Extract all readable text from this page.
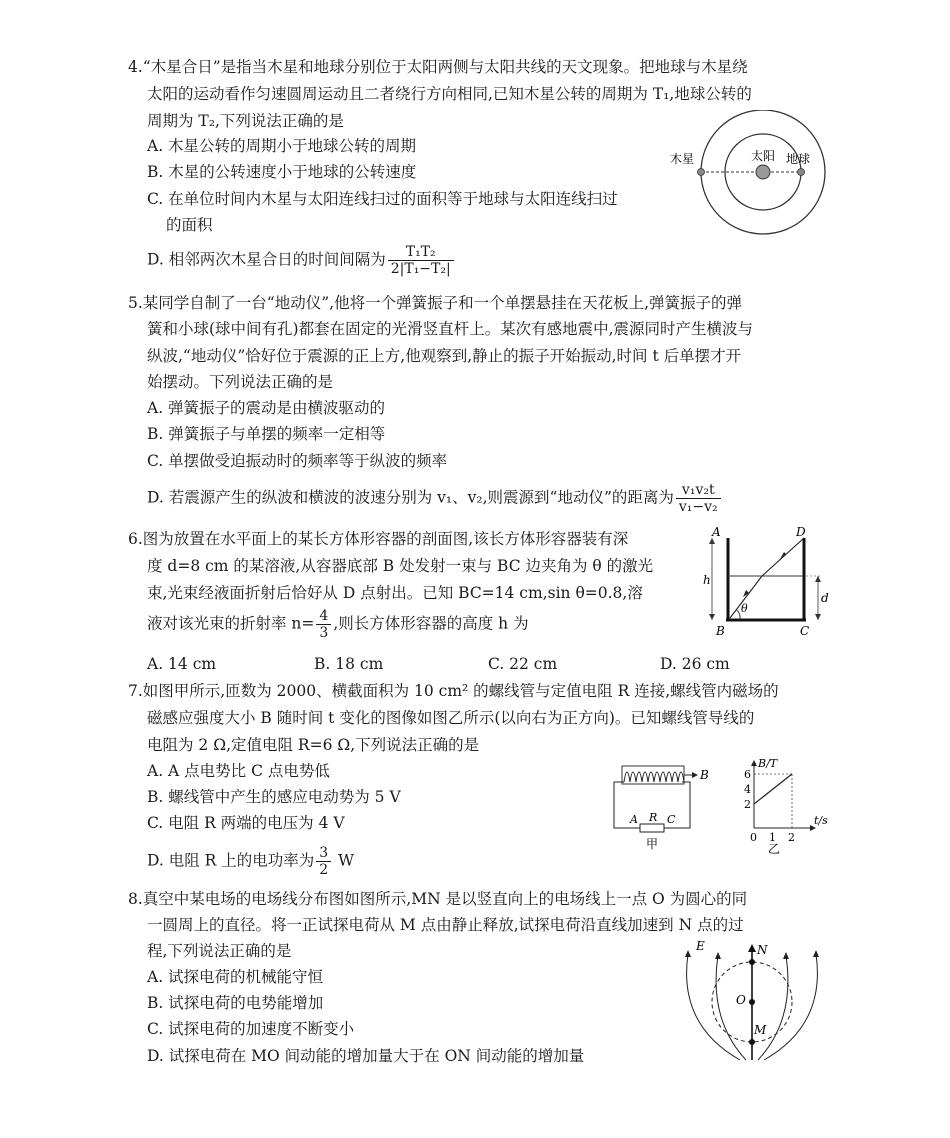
4.“木星合日”是指当木星和地球分别位于太阳两侧与太阳共线的天文现象。把地球与木星绕
太阳的运动看作匀速圆周运动且二者绕行方向相同,已知木星公转的周期为 T₁,地球公转的
周期为 T₂,下列说法正确的是
A. 木星公转的周期小于地球公转的周期
B. 木星的公转速度小于地球的公转速度
C. 在单位时间内木星与太阳连线扫过的面积等于地球与太阳连线扫过
的面积
D. 相邻两次木星合日的时间间隔为 $\frac{\text{T₁T₂}}{\text{2|T₁−T₂|}}$
木星	太阳 地球
5.某同学自制了一台“地动仪”,他将一个弹簧振子和一个单摆悬挂在天花板上,弹簧振子的弹
簧和小球(球中间有孔)都套在固定的光滑竖直杆上。某次有感地震中,震源同时产生横波与
纵波,“地动仪”恰好位于震源的正上方,他观察到,静止的振子开始振动,时间 t 后单摆才开
始摆动。下列说法正确的是
A. 弹簧振子的震动是由横波驱动的
B. 弹簧振子与单摆的频率一定相等
C. 单摆做受迫振动时的频率等于纵波的频率
D. 若震源产生的纵波和横波的波速分别为 v₁、v₂,则震源到“地动仪”的距离为 $\frac{\text{v₁v₂t}}{\text{v₁−v₂}}$
6.图为放置在水平面上的某长方体形容器的剖面图,该长方体形容器装有深
度 d=8 cm 的某溶液,从容器底部 B 处发射一束与 BC 边夹角为 θ 的激光
束,光束经液面折射后恰好从 D 点射出。已知 BC=14 cm,sin θ=0.8,溶
液对该光束的折射率 $n= \frac{4}{3}$ ,则长方体形容器的高度 h 为
A. 14 cm	B. 18 cm	C. 22 cm	D. 26 cm
A	D
h
d
θ
B	C
7.如图甲所示,匝数为 2000、横截面积为 10 cm² 的螺线管与定值电阻 R 连接,螺线管内磁场的
磁感应强度大小 B 随时间 t 变化的图像如图乙所示(以向右为正方向)。已知螺线管导线的
电阻为 2 Ω,定值电阻 R=6 Ω,下列说法正确的是
A. A 点电势比 C 点电势低
B. 螺线管中产生的感应电动势为 5 V
C. 电阻 R 两端的电压为 4 V
D. 电阻 R 上的电功率为 $\frac{3}{2}$ W
B
A R C
甲
B/T
t/s
6
4
2
0 1 2
乙
8.真空中某电场的电场线分布图如图所示,MN 是以竖直向上的电场线上一点 O 为圆心的同
一圆周上的直径。将一正试探电荷从 M 点由静止释放,试探电荷沿直线加速到 N 点的过
程,下列说法正确的是
A. 试探电荷的机械能守恒
B. 试探电荷的电势能增加
C. 试探电荷的加速度不断变小
D. 试探电荷在 MO 间动能的增加量大于在 ON 间动能的增加量
E	N
O
M
